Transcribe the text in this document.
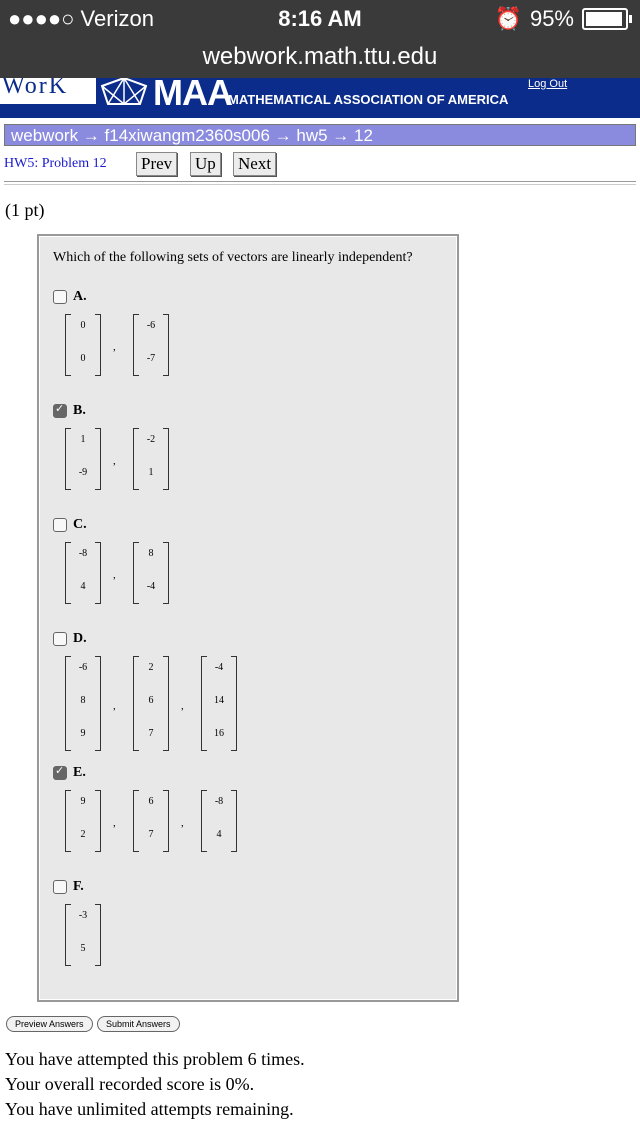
●●●●○ Verizon	8:16 AM	⏰ 95%
webwork.math.ttu.edu
WorK	MAA
MATHEMATICAL ASSOCIATION OF AMERICA
Log Out
webwork → f14xiwangm2360s006 → hw5 → 12
HW5: Problem 12 Prev Up Next
(1 pt)
Which of the following sets of vectors are linearly independent?
A.
0
0
,
-6
-7
✓
B.
1
-9
,
-2
1
C.
-8
4
,
8
-4
D.
-6
8
9
,
2
6
7
,
-4
14
16
✓
E.
9
2
,
6
7
,
-8
4
F.
-3
5
Preview Answers	Submit Answers
You have attempted this problem 6 times.
Your overall recorded score is 0%.
You have unlimited attempts remaining.
